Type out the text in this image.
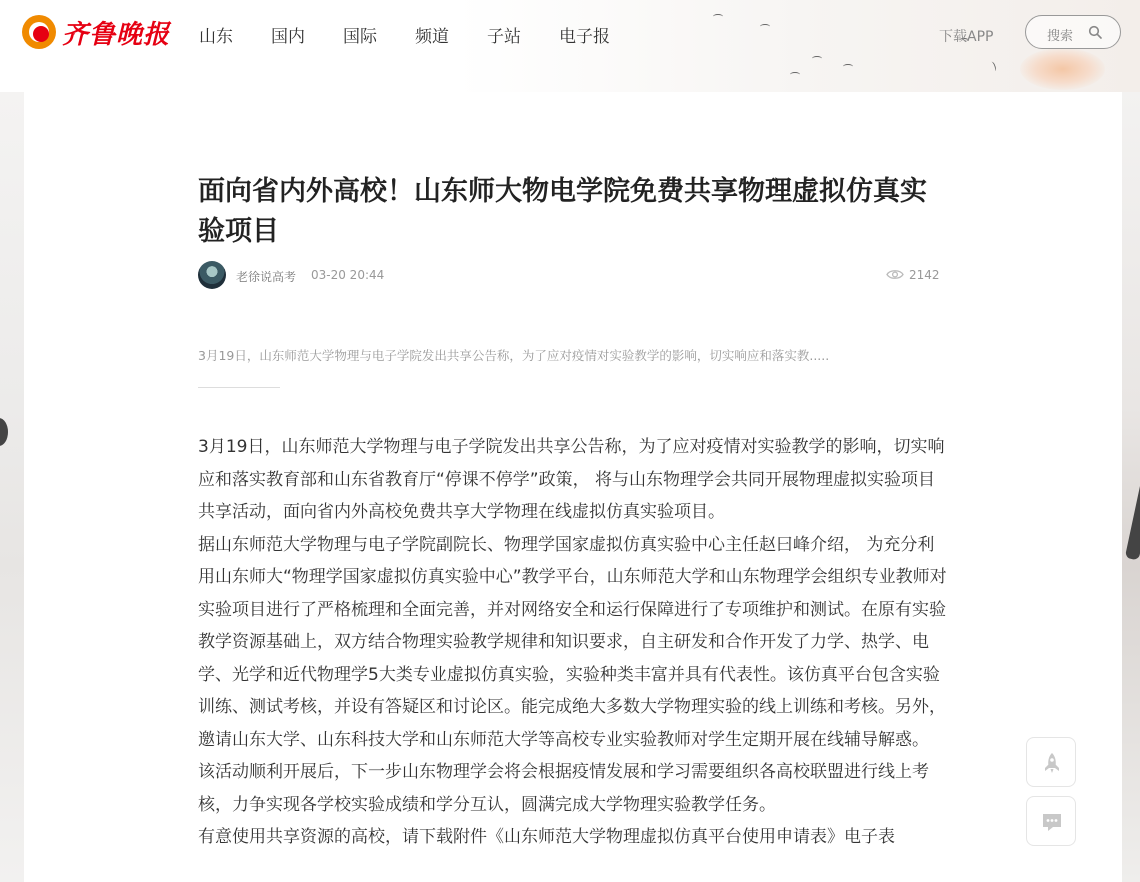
齐鲁晚报 山东 国内 国际 频道 子站 电子报	下载APP	搜索
面向省内外高校！山东师大物电学院免费共享物理虚拟仿真实验项目
老徐说高考 03-20 20:44	2142
3月19日，山东师范大学物理与电子学院发出共享公告称，为了应对疫情对实验教学的影响，切实响应和落实教.....

3月19日，山东师范大学物理与电子学院发出共享公告称，为了应对疫情对实验教学的影响，切实响应和落实教育部和山东省教育厅“停课不停学”政策， 将与山东物理学会共同开展物理虚拟实验项目共享活动，面向省内外高校免费共享大学物理在线虚拟仿真实验项目。

据山东师范大学物理与电子学院副院长、物理学国家虚拟仿真实验中心主任赵曰峰介绍， 为充分利用山东师大“物理学国家虚拟仿真实验中心”教学平台，山东师范大学和山东物理学会组织专业教师对实验项目进行了严格梳理和全面完善，并对网络安全和运行保障进行了专项维护和测试。在原有实验教学资源基础上，双方结合物理实验教学规律和知识要求，自主研发和合作开发了力学、热学、电学、光学和近代物理学5大类专业虚拟仿真实验，实验种类丰富并具有代表性。该仿真平台包含实验训练、测试考核，并设有答疑区和讨论区。能完成绝大多数大学物理实验的线上训练和考核。另外，邀请山东大学、山东科技大学和山东师范大学等高校专业实验教师对学生定期开展在线辅导解惑。

该活动顺利开展后，下一步山东物理学会将会根据疫情发展和学习需要组织各高校联盟进行线上考核，力争实现各学校实验成绩和学分互认，圆满完成大学物理实验教学任务。

有意使用共享资源的高校，请下载附件《山东师范大学物理虚拟仿真平台使用申请表》电子表
